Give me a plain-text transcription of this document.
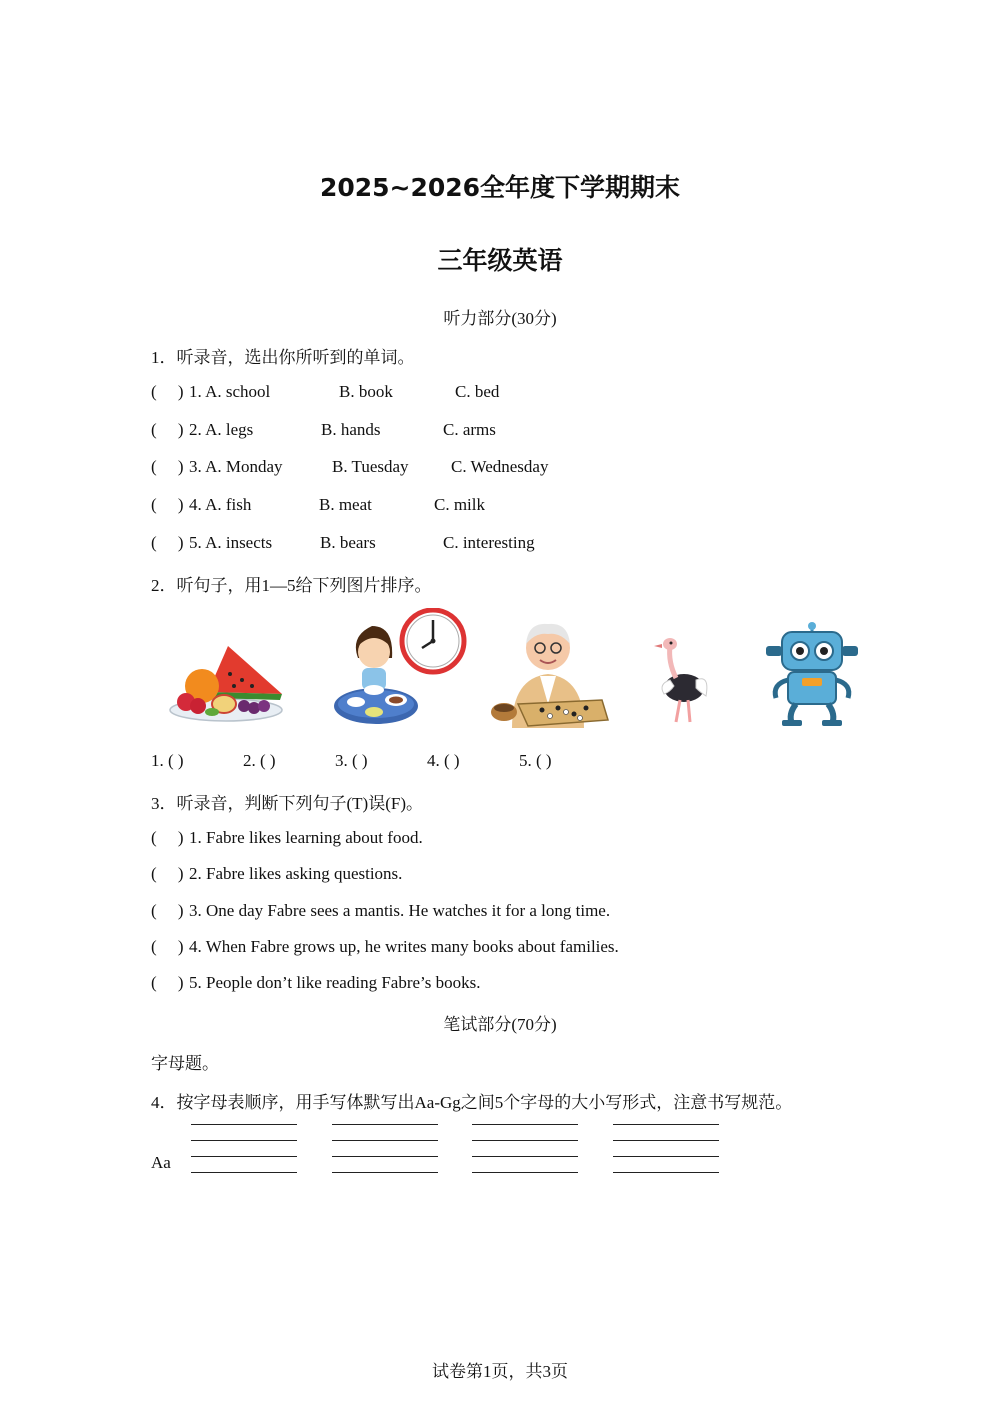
2025~2026全年度下学期期末
三年级英语
听力部分(30分)
1．听录音，选出你所听到的单词。
(     ) 1. A. school	B. book	C. bed
(     ) 2. A. legs	B. hands	C. arms
(     ) 3. A. Monday	B. Tuesday C. Wednesday
(     ) 4. A. fish	B. meat	C. milk
(     ) 5. A. insects	B. bears	C. interesting
2．听句子，用1—5给下列图片排序。
1. ( )	2. ( )	3. ( )	4. ( )	5. ( )
3．听录音，判断下列句子(T)误(F)。
(     ) 1. Fabre likes learning about food.
(     ) 2. Fabre likes asking questions.
(     ) 3. One day Fabre sees a mantis. He watches it for a long time.
(     ) 4. When Fabre grows up, he writes many books about families.
(     ) 5. People don’t like reading Fabre’s books.
笔试部分(70分)
字母题。
4．按字母表顺序，用手写体默写出Aa-Gg之间5个字母的大小写形式，注意书写规范。
Aa
试卷第1页，共3页
